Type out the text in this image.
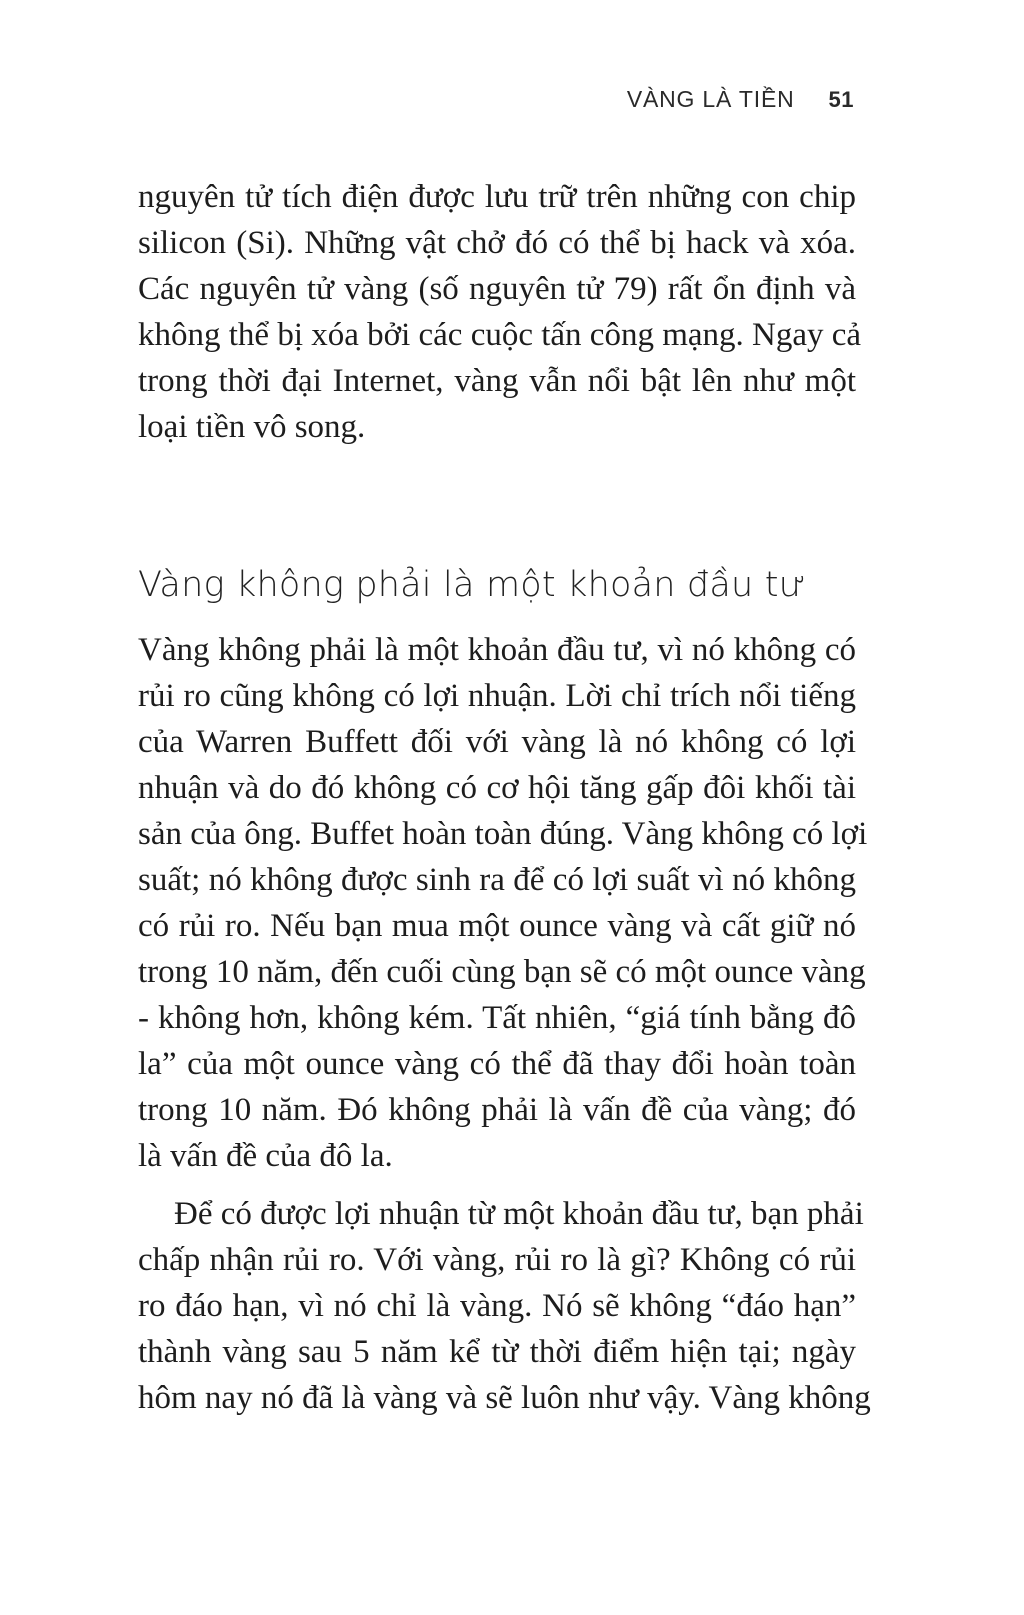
VÀNG LÀ TIỀN 51

nguyên tử tích điện được lưu trữ trên những con chip
silicon (Si). Những vật chở đó có thể bị hack và xóa.
Các nguyên tử vàng (số nguyên tử 79) rất ổn định và
không thể bị xóa bởi các cuộc tấn công mạng. Ngay cả
trong thời đại Internet, vàng vẫn nổi bật lên như một
loại tiền vô song.

Vàng không phải là một khoản đầu tư

Vàng không phải là một khoản đầu tư, vì nó không có
rủi ro cũng không có lợi nhuận. Lời chỉ trích nổi tiếng
của Warren Buffett đối với vàng là nó không có lợi
nhuận và do đó không có cơ hội tăng gấp đôi khối tài
sản của ông. Buffet hoàn toàn đúng. Vàng không có lợi
suất; nó không được sinh ra để có lợi suất vì nó không
có rủi ro. Nếu bạn mua một ounce vàng và cất giữ nó
trong 10 năm, đến cuối cùng bạn sẽ có một ounce vàng
- không hơn, không kém. Tất nhiên, “giá tính bằng đô
la” của một ounce vàng có thể đã thay đổi hoàn toàn
trong 10 năm. Đó không phải là vấn đề của vàng; đó
là vấn đề của đô la.

Để có được lợi nhuận từ một khoản đầu tư, bạn phải
chấp nhận rủi ro. Với vàng, rủi ro là gì? Không có rủi
ro đáo hạn, vì nó chỉ là vàng. Nó sẽ không “đáo hạn”
thành vàng sau 5 năm kể từ thời điểm hiện tại; ngày
hôm nay nó đã là vàng và sẽ luôn như vậy. Vàng không
